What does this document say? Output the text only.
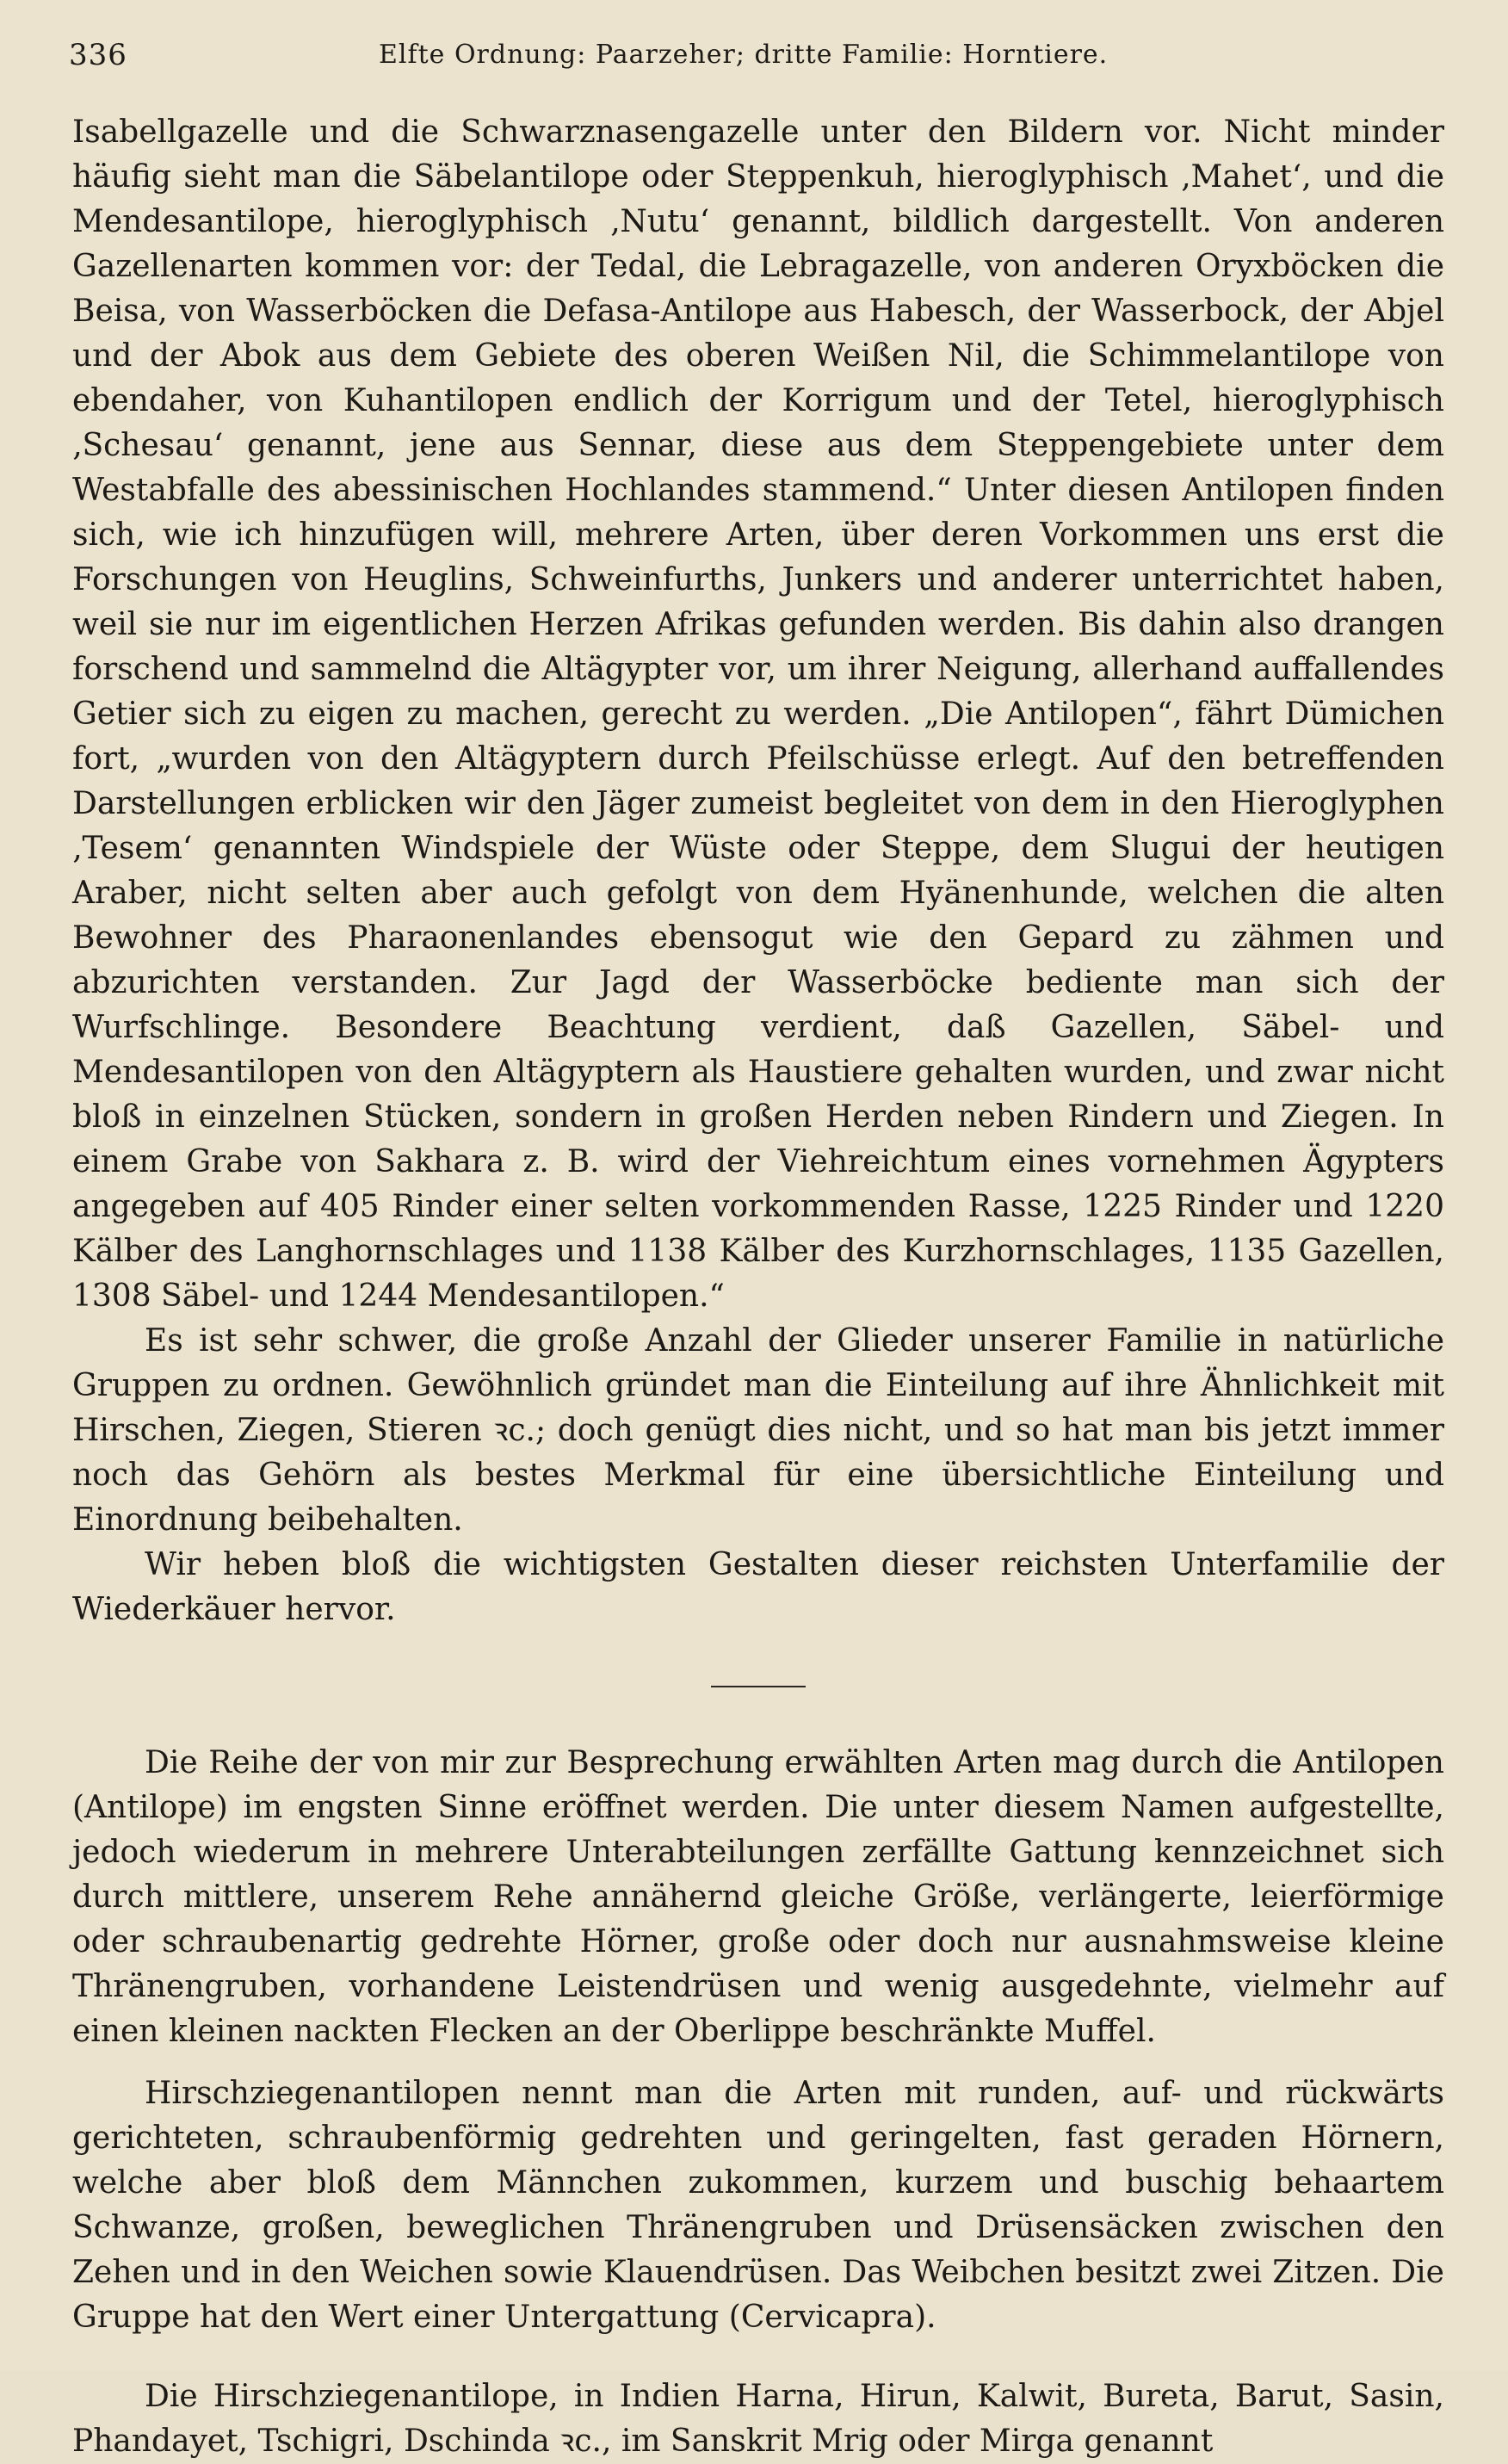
336	Elfte Ordnung: Paarzeher; dritte Familie: Horntiere.

Isabellgazelle und die Schwarznasengazelle unter den Bildern vor. Nicht minder häufig sieht man die Säbelantilope oder Steppenkuh, hieroglyphisch ‚Mahet‘, und die Mendesantilope, hieroglyphisch ‚Nutu‘ genannt, bildlich dargestellt. Von anderen Gazellenarten kommen vor: der Tedal, die Lebragazelle, von anderen Oryxböcken die Beisa, von Wasserböcken die Defasa-Antilope aus Habesch, der Wasserbock, der Abjel und der Abok aus dem Gebiete des oberen Weißen Nil, die Schimmelantilope von ebendaher, von Kuhantilopen endlich der Korrigum und der Tetel, hieroglyphisch ‚Schesau‘ genannt, jene aus Sennar, diese aus dem Steppengebiete unter dem Westabfalle des abessinischen Hochlandes stammend.“ Unter diesen Antilopen finden sich, wie ich hinzufügen will, mehrere Arten, über deren Vorkommen uns erst die Forschungen von Heuglins, Schweinfurths, Junkers und anderer unterrichtet haben, weil sie nur im eigentlichen Herzen Afrikas gefunden werden. Bis dahin also drangen forschend und sammelnd die Altägypter vor, um ihrer Neigung, allerhand auffallendes Getier sich zu eigen zu machen, gerecht zu werden. „Die Antilopen“, fährt Dümichen fort, „wurden von den Altägyptern durch Pfeilschüsse erlegt. Auf den betreffenden Darstellungen erblicken wir den Jäger zumeist begleitet von dem in den Hieroglyphen ‚Tesem‘ genannten Windspiele der Wüste oder Steppe, dem Slugui der heutigen Araber, nicht selten aber auch gefolgt von dem Hyänenhunde, welchen die alten Bewohner des Pharaonenlandes ebensogut wie den Gepard zu zähmen und abzurichten verstanden. Zur Jagd der Wasserböcke bediente man sich der Wurfschlinge. Besondere Beachtung verdient, daß Gazellen, Säbel- und Mendesantilopen von den Altägyptern als Haustiere gehalten wurden, und zwar nicht bloß in einzelnen Stücken, sondern in großen Herden neben Rindern und Ziegen. In einem Grabe von Sakhara z. B. wird der Viehreichtum eines vornehmen Ägypters angegeben auf 405 Rinder einer selten vorkommenden Rasse, 1225 Rinder und 1220 Kälber des Langhornschlages und 1138 Kälber des Kurzhornschlages, 1135 Gazellen, 1308 Säbel- und 1244 Mendesantilopen.“

Es ist sehr schwer, die große Anzahl der Glieder unserer Familie in natürliche Gruppen zu ordnen. Gewöhnlich gründet man die Einteilung auf ihre Ähnlichkeit mit Hirschen, Ziegen, Stieren ꝛc.; doch genügt dies nicht, und so hat man bis jetzt immer noch das Gehörn als bestes Merkmal für eine übersichtliche Einteilung und Einordnung beibehalten.

Wir heben bloß die wichtigsten Gestalten dieser reichsten Unterfamilie der Wiederkäuer hervor.

Die Reihe der von mir zur Besprechung erwählten Arten mag durch die Antilopen (Antilope) im engsten Sinne eröffnet werden. Die unter diesem Namen aufgestellte, jedoch wiederum in mehrere Unterabteilungen zerfällte Gattung kennzeichnet sich durch mittlere, unserem Rehe annähernd gleiche Größe, verlängerte, leierförmige oder schraubenartig gedrehte Hörner, große oder doch nur ausnahmsweise kleine Thränengruben, vorhandene Leistendrüsen und wenig ausgedehnte, vielmehr auf einen kleinen nackten Flecken an der Oberlippe beschränkte Muffel.

Hirschziegenantilopen nennt man die Arten mit runden, auf- und rückwärts gerichteten, schraubenförmig gedrehten und geringelten, fast geraden Hörnern, welche aber bloß dem Männchen zukommen, kurzem und buschig behaartem Schwanze, großen, beweglichen Thränengruben und Drüsensäcken zwischen den Zehen und in den Weichen sowie Klauendrüsen. Das Weibchen besitzt zwei Zitzen. Die Gruppe hat den Wert einer Untergattung (Cervicapra).

Die Hirschziegenantilope, in Indien Harna, Hirun, Kalwit, Bureta, Barut, Sasin, Phandayet, Tschigri, Dschinda ꝛc., im Sanskrit Mrig oder Mirga genannt
